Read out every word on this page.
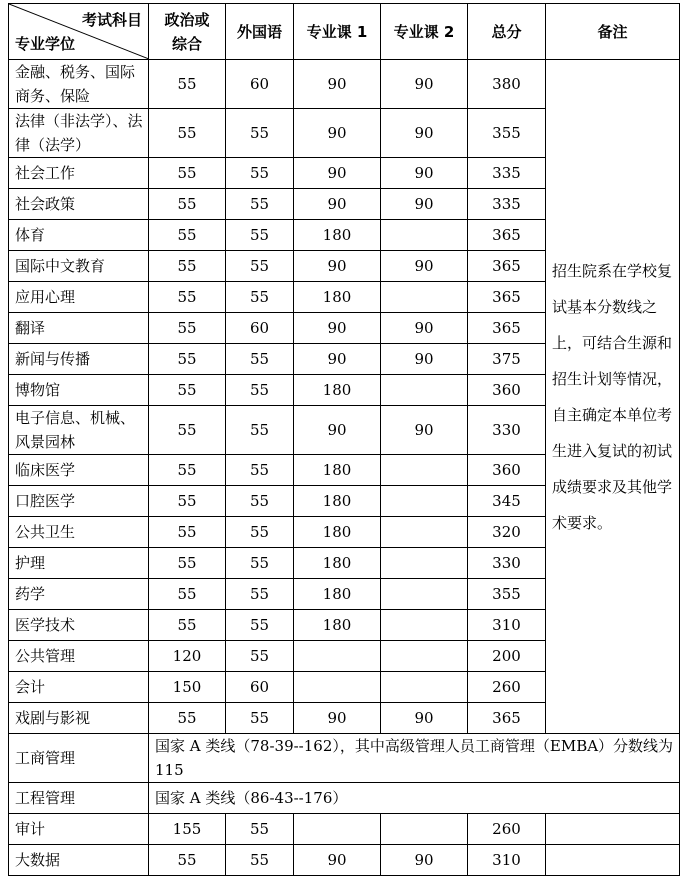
考试科目
专业学位	政治或综合	外国语	专业课 1	专业课 2	总分	备注
金融、税务、国际商务、保险	55	60	90	90	380	招生院系在学校复试基本分数线之上，可结合生源和招生计划等情况，自主确定本单位考生进入复试的初试成绩要求及其他学术要求。
法律（非法学）、法律（法学）	55	55	90	90	355	
社会工作	55	55	90	90	335	
社会政策	55	55	90	90	335	
体育	55	55	180		365	
国际中文教育	55	55	90	90	365	
应用心理	55	55	180		365	
翻译	55	60	90	90	365	
新闻与传播	55	55	90	90	375	
博物馆	55	55	180		360	
电子信息、机械、风景园林	55	55	90	90	330	
临床医学	55	55	180		360	
口腔医学	55	55	180		345	
公共卫生	55	55	180		320	
护理	55	55	180		330	
药学	55	55	180		355	
医学技术	55	55	180		310	
公共管理	120	55			200	
会计	150	60			260	
戏剧与影视	55	55	90	90	365	
工商管理	国家 A 类线（78-39--162），其中高级管理人员工商管理（EMBA）分数线为 115					
工程管理	国家 A 类线（86-43--176）					
审计	155	55			260	
大数据	55	55	90	90	310	
